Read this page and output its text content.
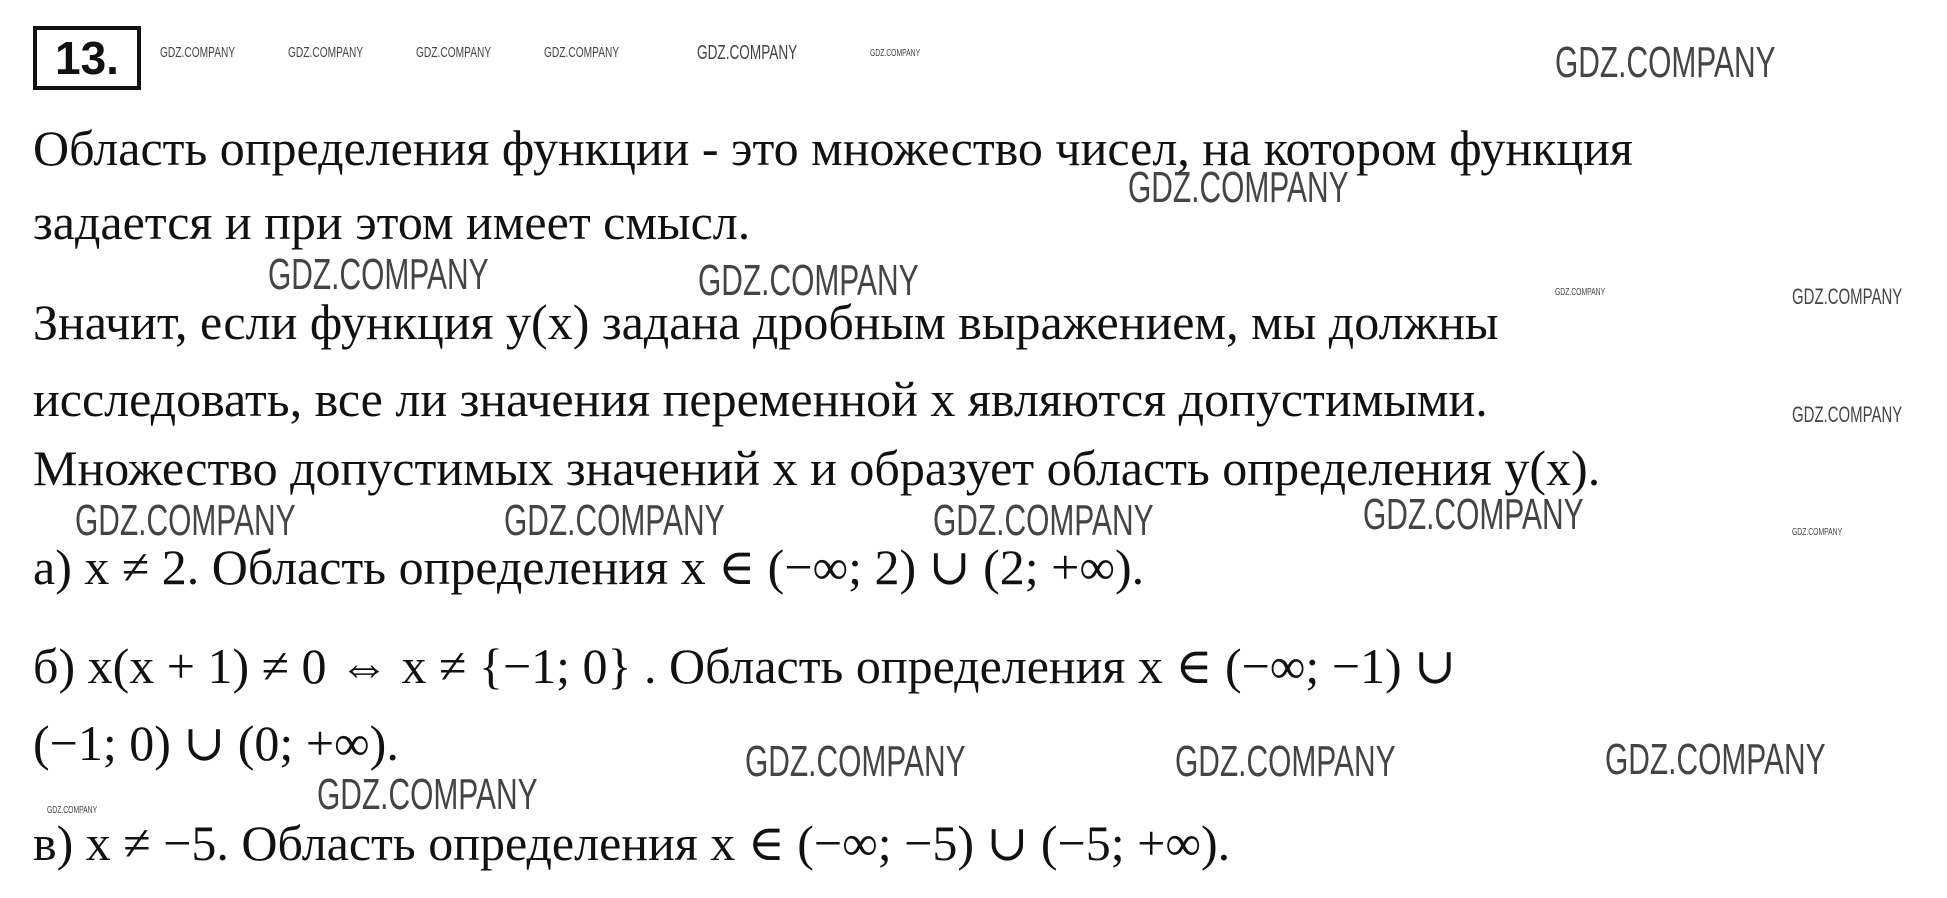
13.	GDZ.COMPANY	GDZ.COMPANY	GDZ.COMPANY	GDZ.COMPANY	GDZ.COMPANY	GDZ.COMPANY	GDZ.COMPANY
GDZ.COMPANY
GDZ.COMPANY	GDZ.COMPANY	GDZ.COMPANY	GDZ.COMPANY
GDZ.COMPANY
GDZ.COMPANY	GDZ.COMPANY	GDZ.COMPANY	GDZ.COMPANY	GDZ.COMPANY
GDZ.COMPANY	GDZ.COMPANY	GDZ.COMPANY
GDZ.COMPANY
GDZ.COMPANY
Область определения функции - это множество чисел, на котором функция
задается и при этом имеет смысл.
Значит, если функция y(x) задана дробным выражением, мы должны
исследовать, все ли значения переменной x являются допустимыми.
Множество допустимых значений x и образует область определения y(x).
а) x ≠ 2. Область определения x ∈ (−∞; 2) ∪ (2; +∞).
б) x(x + 1) ≠ 0 ⇔ x ≠ {−1; 0} . Область определения x ∈ (−∞; −1) ∪
(−1; 0) ∪ (0; +∞).
в) x ≠ −5. Область определения x ∈ (−∞; −5) ∪ (−5; +∞).
